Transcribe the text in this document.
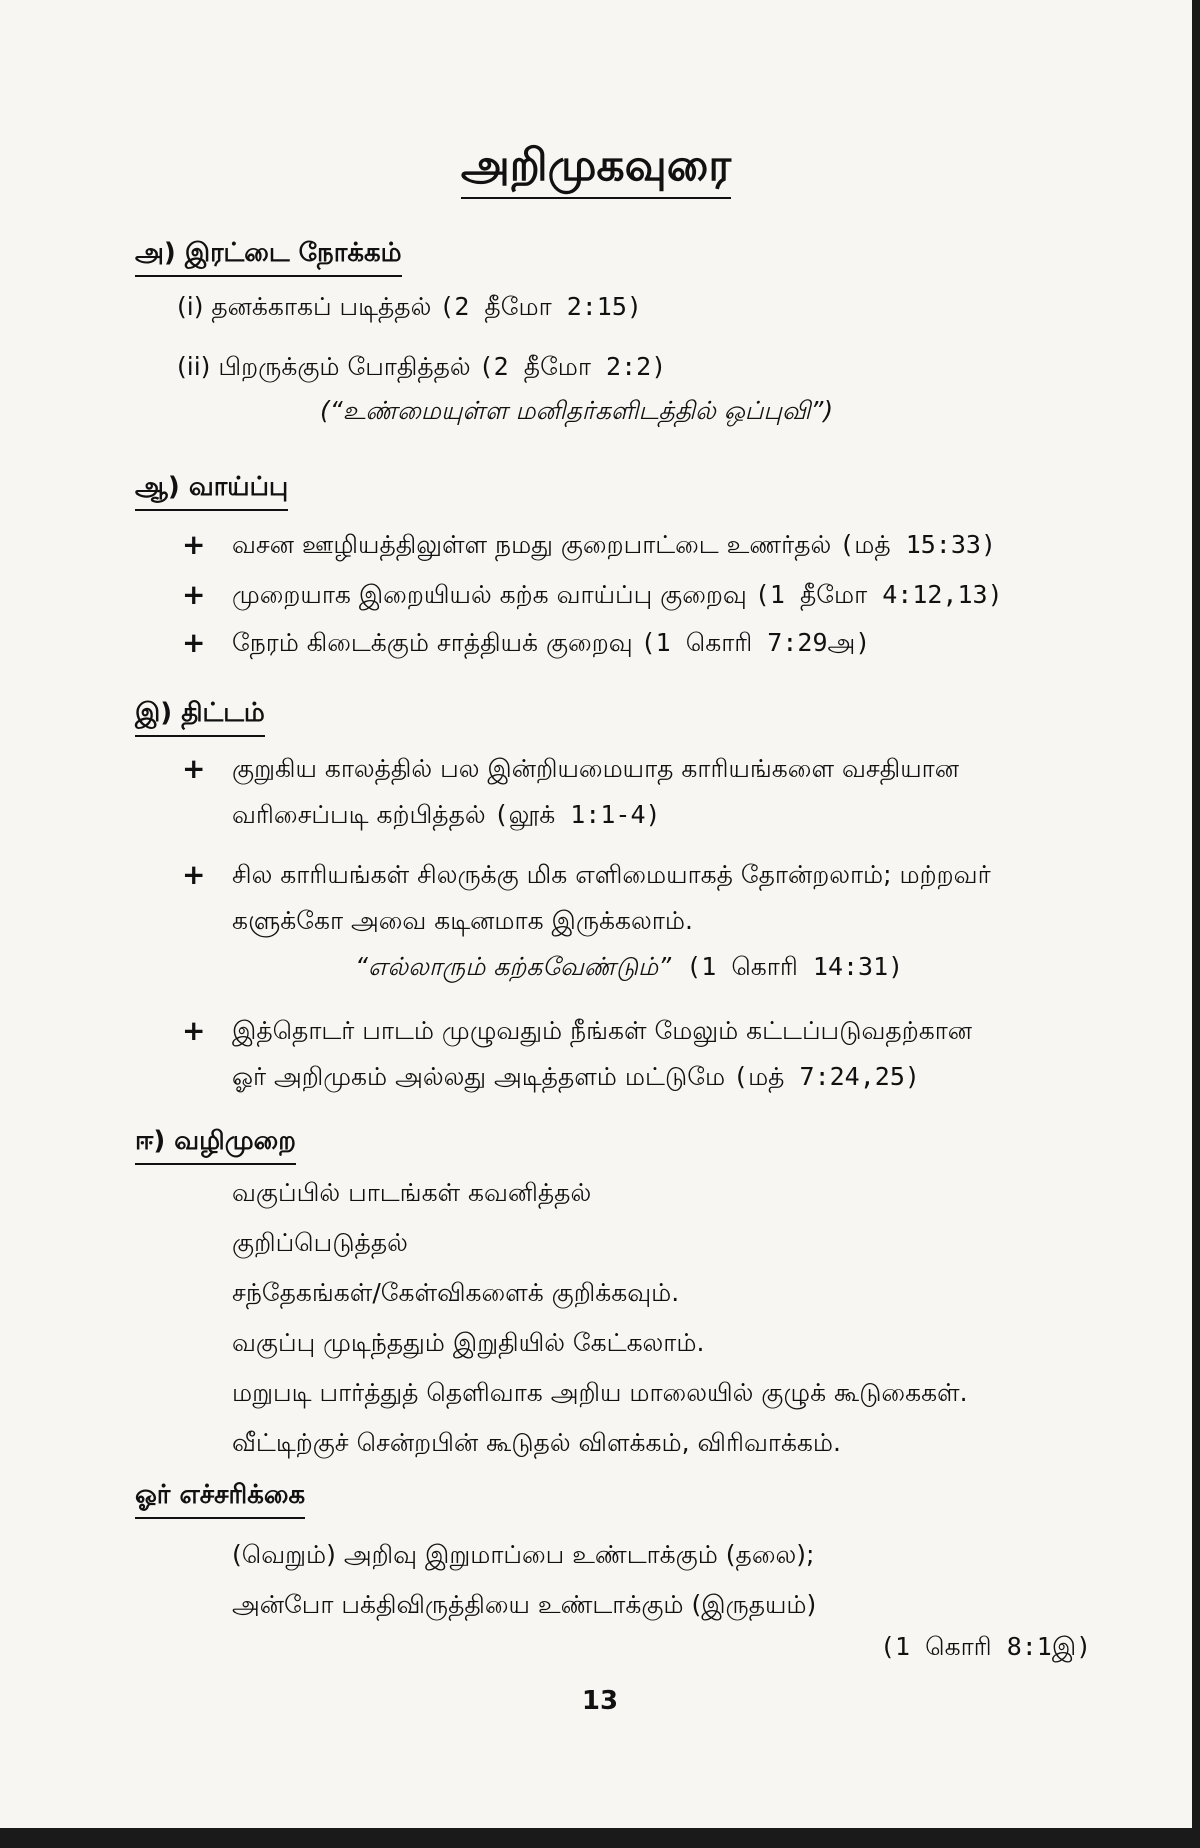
அறிமுகவுரை
அ) இரட்டை நோக்கம்
(i) தனக்காகப் படித்தல் (2 தீமோ 2:15)
(ii) பிறருக்கும் போதித்தல் (2 தீமோ 2:2)
(“உண்மையுள்ள மனிதர்களிடத்தில் ஒப்புவி”)
ஆ) வாய்ப்பு
+ வசன ஊழியத்திலுள்ள நமது குறைபாட்டை உணர்தல் (மத் 15:33)
+ முறையாக இறையியல் கற்க வாய்ப்பு குறைவு (1 தீமோ 4:12,13)
+ நேரம் கிடைக்கும் சாத்தியக் குறைவு (1 கொரி 7:29அ)
இ) திட்டம்
+ குறுகிய காலத்தில் பல இன்றியமையாத காரியங்களை வசதியான
வரிசைப்படி கற்பித்தல் (லூக் 1:1-4)
+ சில காரியங்கள் சிலருக்கு மிக எளிமையாகத் தோன்றலாம்; மற்றவர்
களுக்கோ அவை கடினமாக இருக்கலாம்.
“எல்லாரும் கற்கவேண்டும்” (1 கொரி 14:31)
+ இத்தொடர் பாடம் முழுவதும் நீங்கள் மேலும் கட்டப்படுவதற்கான
ஓர் அறிமுகம் அல்லது அடித்தளம் மட்டுமே (மத் 7:24,25)
ஈ) வழிமுறை
வகுப்பில் பாடங்கள் கவனித்தல்
குறிப்பெடுத்தல்
சந்தேகங்கள்/கேள்விகளைக் குறிக்கவும்.
வகுப்பு முடிந்ததும் இறுதியில் கேட்கலாம்.
மறுபடி பார்த்துத் தெளிவாக அறிய மாலையில் குழுக் கூடுகைகள்.
வீட்டிற்குச் சென்றபின் கூடுதல் விளக்கம், விரிவாக்கம்.
ஓர் எச்சரிக்கை
(வெறும்) அறிவு இறுமாப்பை உண்டாக்கும் (தலை);
அன்போ பக்திவிருத்தியை உண்டாக்கும் (இருதயம்)
(1 கொரி 8:1இ)
13
